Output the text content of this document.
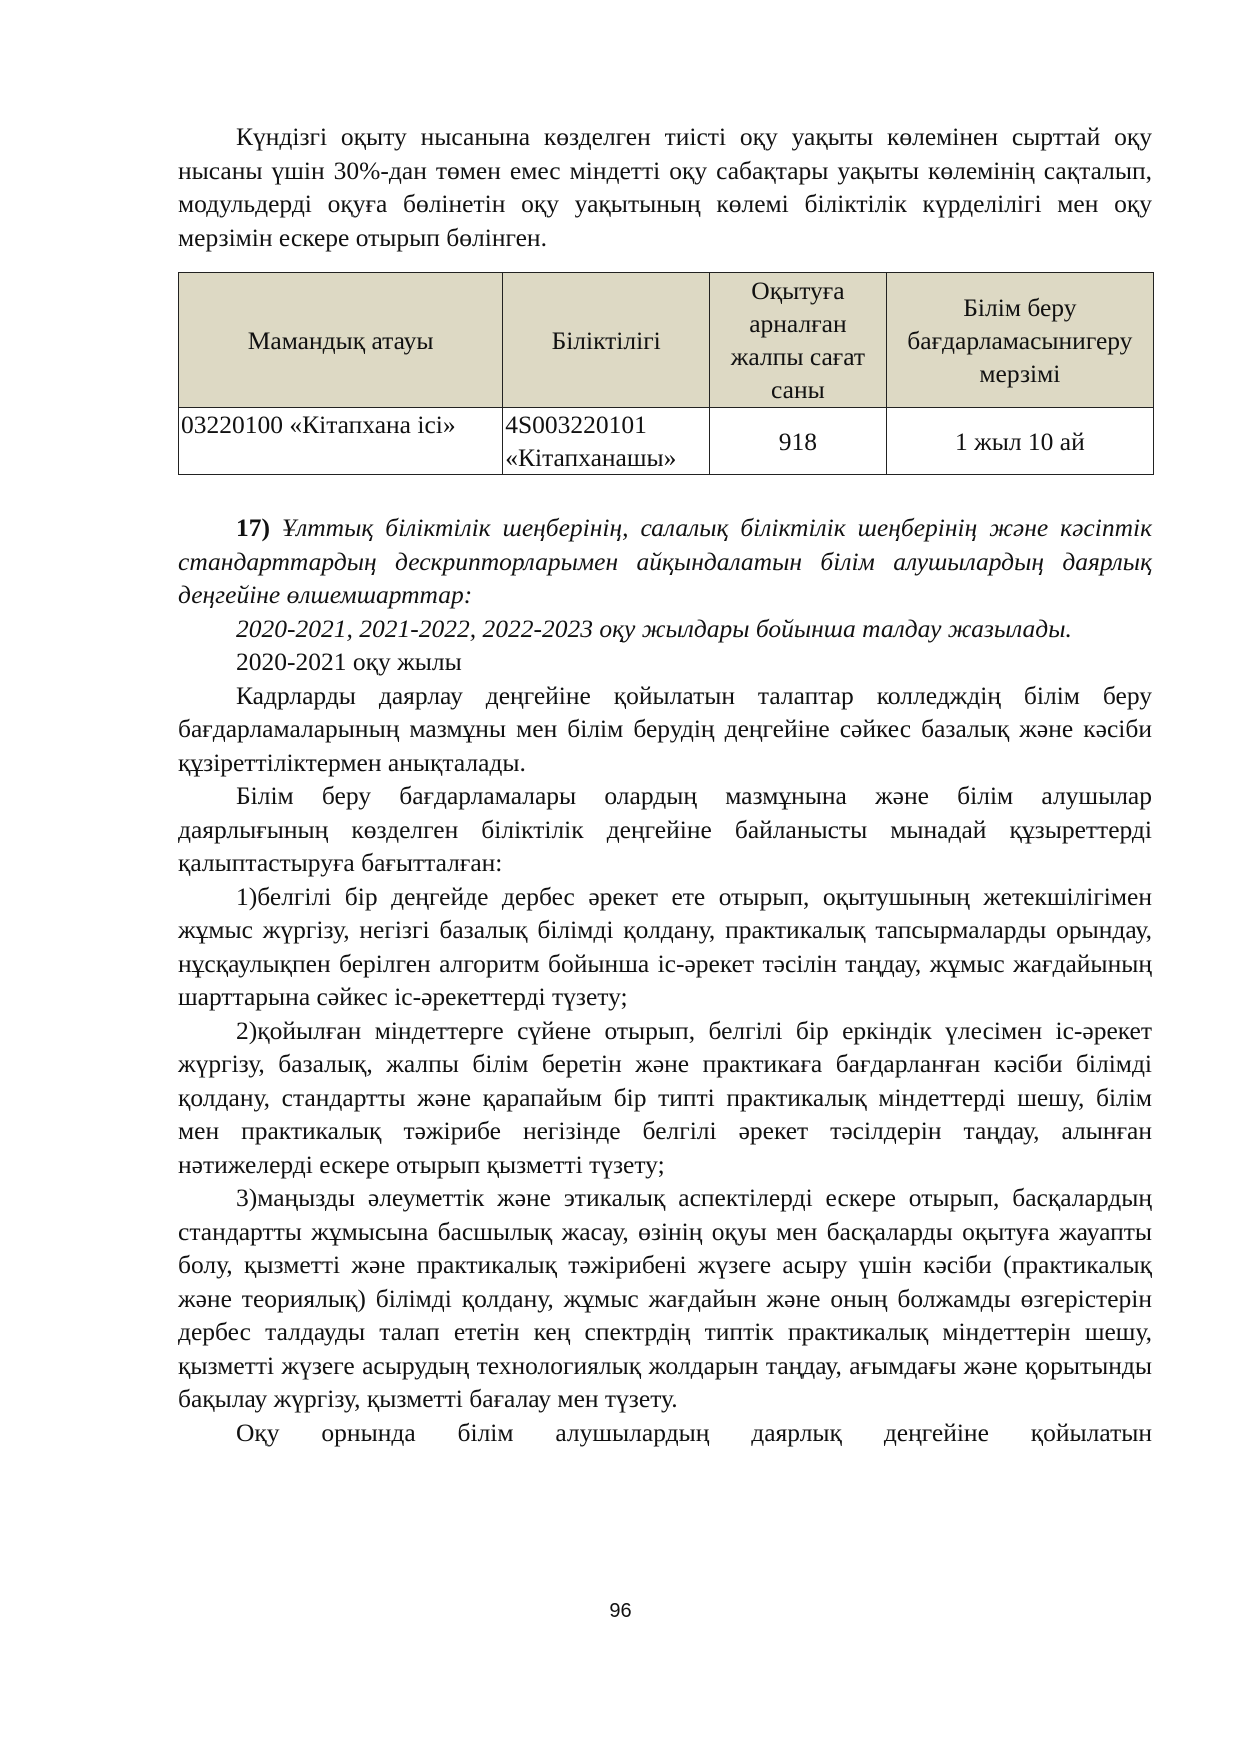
Күндізгі оқыту нысанына көзделген тиісті оқу уақыты көлемінен сырттай оқу нысаны үшін 30%-дан төмен емес міндетті оқу сабақтары уақыты көлемінің сақталып, модульдерді оқуға бөлінетін оқу уақытының көлемі біліктілік күрделілігі мен оқу мерзімін ескере отырып бөлінген.

Мамандық атауы	Біліктілігі	Оқытуға арналған жалпы сағат саны	Білім беру бағдарламасынигеру мерзімі
03220100 «Кітапхана ісі»	4S003220101 «Кітапханашы»	918	1 жыл 10 ай

17) Ұлттық біліктілік шеңберінің, салалық біліктілік шеңберінің және кәсіптік стандарттардың дескрипторларымен айқындалатын білім алушылардың даярлық деңгейіне өлшемшарттар:

2020-2021, 2021-2022, 2022-2023 оқу жылдары бойынша талдау жазылады.

2020-2021 оқу жылы

Кадрларды даярлау деңгейіне қойылатын талаптар колледждің білім беру бағдарламаларының мазмұны мен білім берудің деңгейіне сәйкес базалық және кәсіби құзіреттіліктермен анықталады.

Білім беру бағдарламалары олардың мазмұнына және білім алушылар даярлығының көзделген біліктілік деңгейіне байланысты мынадай құзыреттерді қалыптастыруға бағытталған:

1)белгілі бір деңгейде дербес әрекет ете отырып, оқытушының жетекшілігімен жұмыс жүргізу, негізгі базалық білімді қолдану, практикалық тапсырмаларды орындау, нұсқаулықпен берілген алгоритм бойынша іс-әрекет тәсілін таңдау, жұмыс жағдайының шарттарына сәйкес іс-әрекеттерді түзету;

2)қойылған міндеттерге сүйене отырып, белгілі бір еркіндік үлесімен іс-әрекет жүргізу, базалық, жалпы білім беретін және практикаға бағдарланған кәсіби білімді қолдану, стандартты және қарапайым бір типті практикалық міндеттерді шешу, білім мен практикалық тәжірибе негізінде белгілі әрекет тәсілдерін таңдау, алынған нәтижелерді ескере отырып қызметті түзету;

3)маңызды әлеуметтік және этикалық аспектілерді ескере отырып, басқалардың стандартты жұмысына басшылық жасау, өзінің оқуы мен басқаларды оқытуға жауапты болу, қызметті және практикалық тәжірибені жүзеге асыру үшін кәсіби (практикалық және теориялық) білімді қолдану, жұмыс жағдайын және оның болжамды өзгерістерін дербес талдауды талап ететін кең спектрдің типтік практикалық міндеттерін шешу, қызметті жүзеге асырудың технологиялық жолдарын таңдау, ағымдағы және қорытынды бақылау жүргізу, қызметті бағалау мен түзету.

Оқу орнында білім алушылардың даярлық деңгейіне қойылатын

96
